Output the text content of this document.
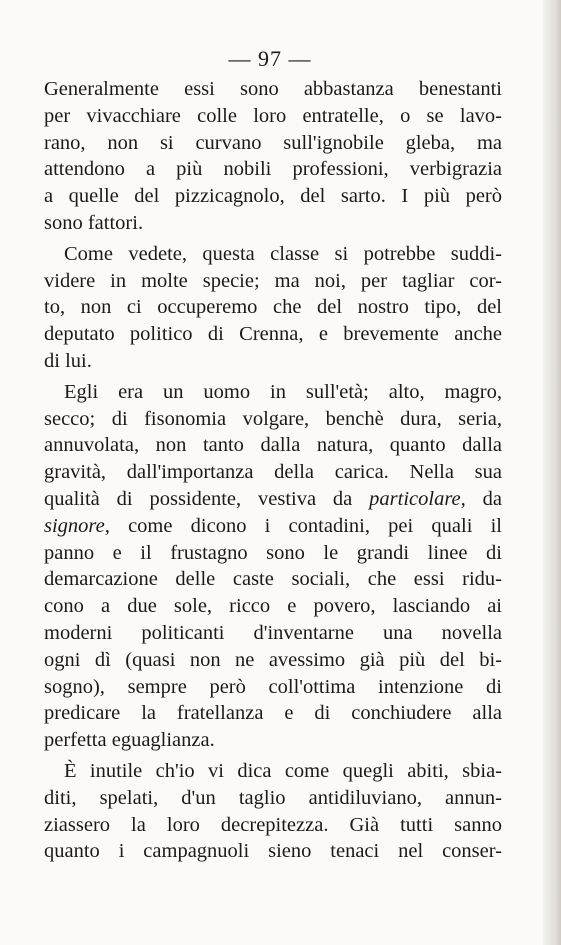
— 97 —
Generalmente essi sono abbastanza benestanti
per vivacchiare colle loro entratelle, o se lavo-
rano, non si curvano sull'ignobile gleba, ma
attendono a più nobili professioni, verbigrazia
a quelle del pizzicagnolo, del sarto. I più però
sono fattori.
Come vedete, questa classe si potrebbe suddi-
videre in molte specie; ma noi, per tagliar cor-
to, non ci occuperemo che del nostro tipo, del
deputato politico di Crenna, e brevemente anche
di lui.
Egli era un uomo in sull'età; alto, magro,
secco; di fisonomia volgare, benchè dura, seria,
annuvolata, non tanto dalla natura, quanto dalla
gravità, dall'importanza della carica. Nella sua
qualità di possidente, vestiva da particolare, da
signore, come dicono i contadini, pei quali il
panno e il frustagno sono le grandi linee di
demarcazione delle caste sociali, che essi ridu-
cono a due sole, ricco e povero, lasciando ai
moderni politicanti d'inventarne una novella
ogni dì (quasi non ne avessimo già più del bi-
sogno), sempre però coll'ottima intenzione di
predicare la fratellanza e di conchiudere alla
perfetta eguaglianza.
È inutile ch'io vi dica come quegli abiti, sbia-
diti, spelati, d'un taglio antidiluviano, annun-
ziassero la loro decrepitezza. Già tutti sanno
quanto i campagnuoli sieno tenaci nel conser-
